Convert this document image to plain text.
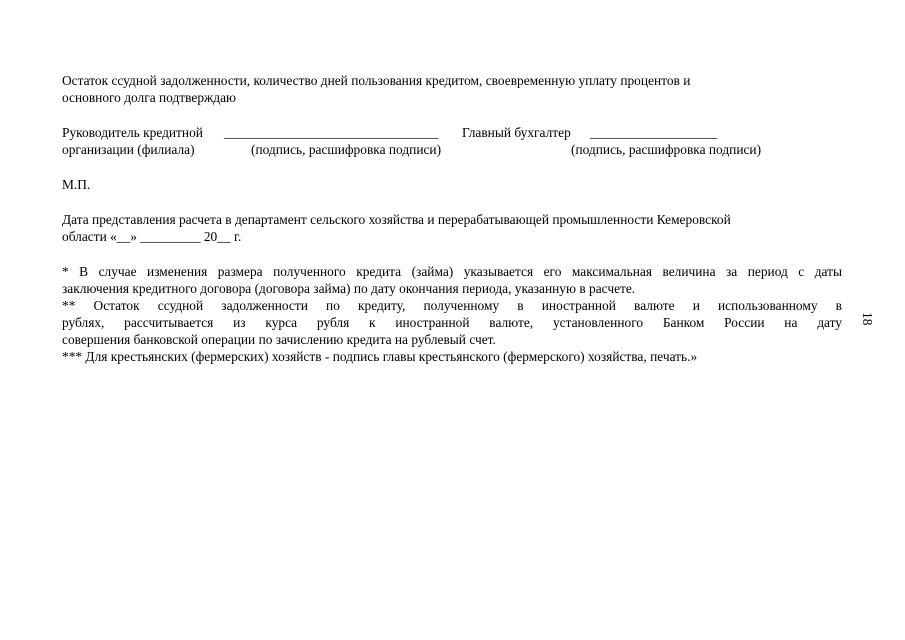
Остаток ссудной задолженности, количество дней пользования кредитом, своевременную уплату процентов и
основного долга подтверждаю
Руководитель кредитной ________________________________ Главный бухгалтер ___________________
организации (филиала)	(подпись, расшифровка подписи)	(подпись, расшифровка подписи)
М.П.
Дата представления расчета в департамент сельского хозяйства и перерабатывающей промышленности Кемеровской
области «__» _________ 20__ г.
* В случае изменения размера полученного кредита (займа) указывается его максимальная величина за период с даты
заключения кредитного договора (договора займа) по дату окончания периода, указанную в расчете.
** Остаток ссудной задолженности по кредиту, полученному в иностранной валюте и использованному в
рублях, рассчитывается из курса рубля к иностранной валюте, установленного Банком России на дату
совершения банковской операции по зачислению кредита на рублевый счет.
*** Для крестьянских (фермерских) хозяйств - подпись главы крестьянского (фермерского) хозяйства, печать.»
18
